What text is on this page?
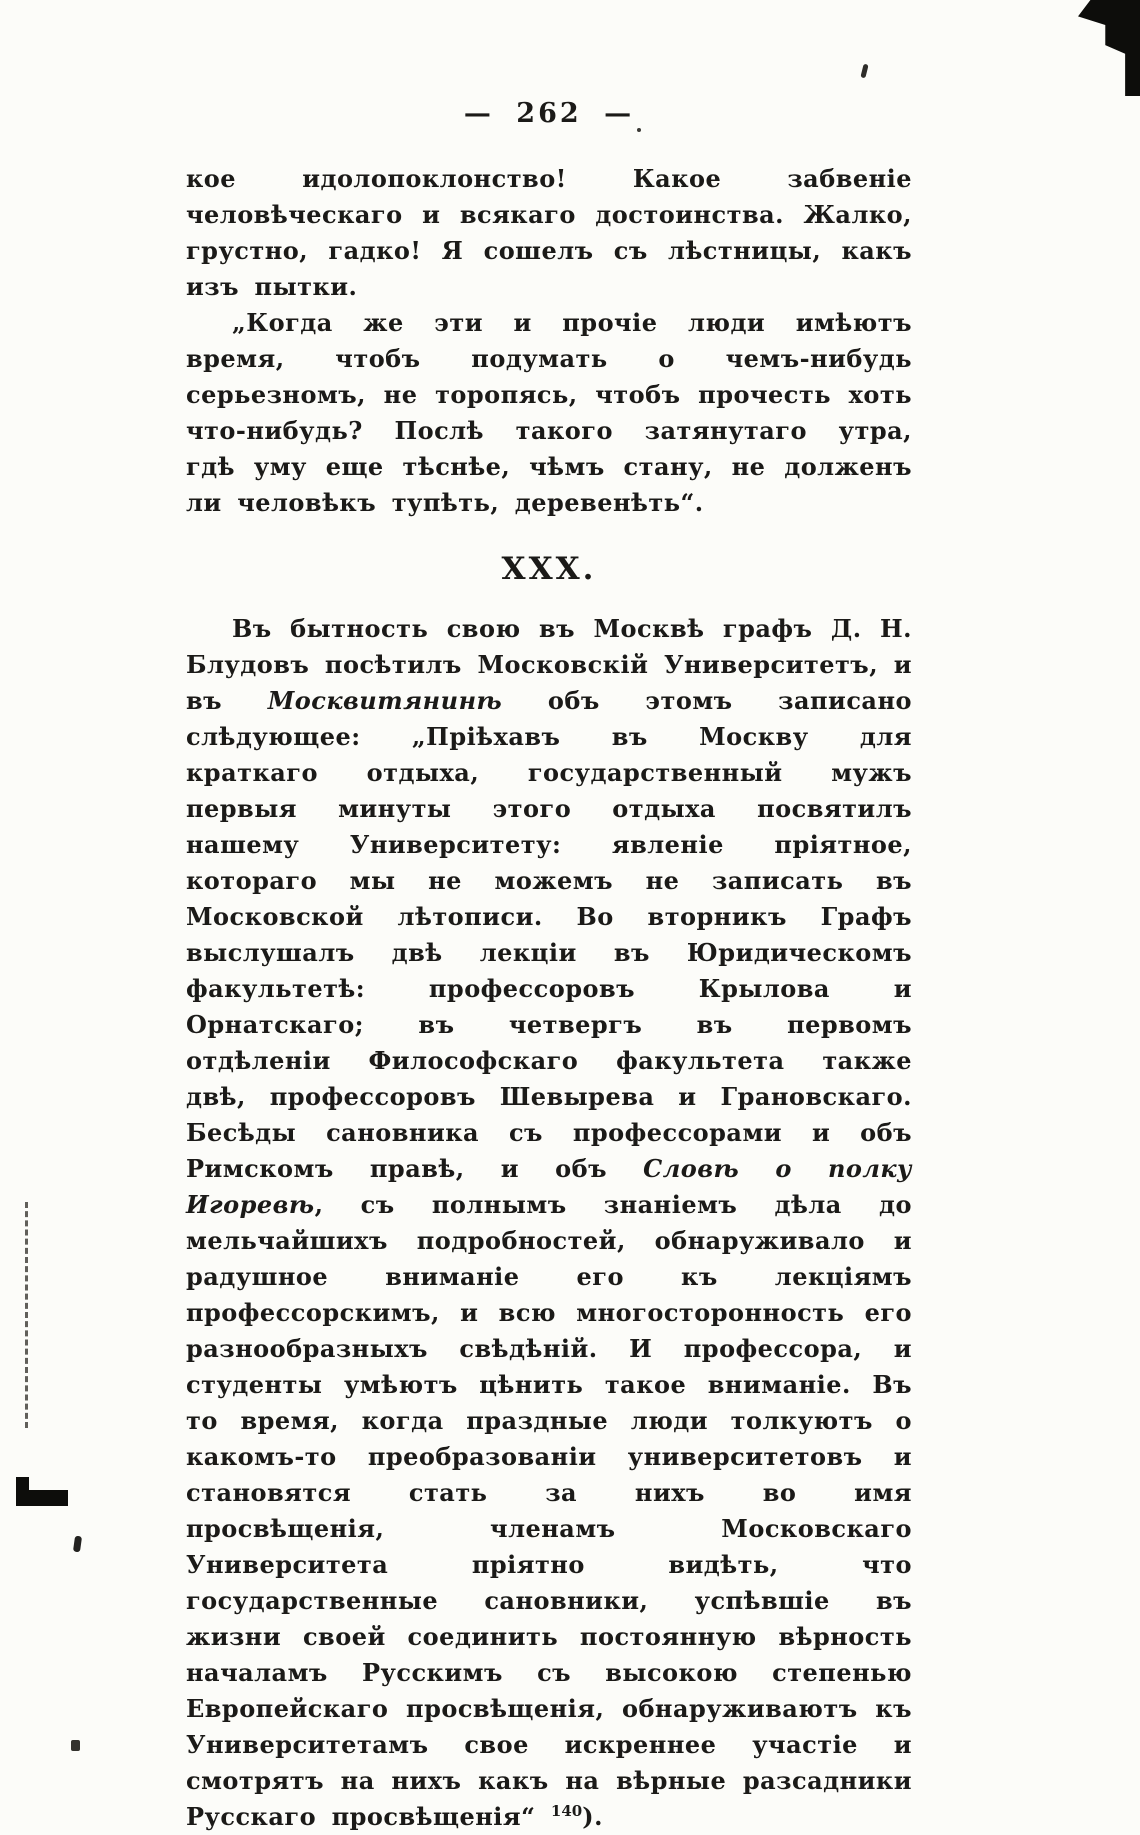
— 262 —

кое идолопоклонство! Какое забвеніе человѣческаго и всякаго достоинства. Жалко, грустно, гадко! Я сошелъ съ лѣстницы, какъ изъ пытки.

„Когда же эти и прочіе люди имѣютъ время, чтобъ подумать о чемъ-нибудь серьезномъ, не торопясь, чтобъ прочесть хоть что-нибудь? Послѣ такого затянутаго утра, гдѣ уму еще тѣснѣе, чѣмъ стану, не долженъ ли человѣкъ тупѣть, деревенѣть“.

XXX.

Въ бытность свою въ Москвѣ графъ Д. Н. Блудовъ посѣтилъ Московскій Университетъ, и въ Москвитянинѣ объ этомъ записано слѣдующее: „Пріѣхавъ въ Москву для краткаго отдыха, государственный мужъ первыя минуты этого отдыха посвятилъ нашему Университету: явленіе пріятное, котораго мы не можемъ не записать въ Московской лѣтописи. Во вторникъ Графъ выслушалъ двѣ лекціи въ Юридическомъ факультетѣ: профессоровъ Крылова и Орнатскаго; въ четвергъ въ первомъ отдѣленіи Философскаго факультета также двѣ, профессоровъ Шевырева и Грановскаго. Бесѣды сановника съ профессорами и объ Римскомъ правѣ, и объ Словѣ о полку Игоревѣ, съ полнымъ знаніемъ дѣла до мельчайшихъ подробностей, обнаруживало и радушное вниманіе его къ лекціямъ профессорскимъ, и всю многосторонность его разнообразныхъ свѣдѣній. И профессора, и студенты умѣютъ цѣнить такое вниманіе. Въ то время, когда праздные люди толкуютъ о какомъ-то преобразованіи университетовъ и становятся стать за нихъ во имя просвѣщенія, членамъ Московскаго Университета пріятно видѣть, что государственные сановники, успѣвшіе въ жизни своей соединить постоянную вѣрность началамъ Русскимъ съ высокою степенью Европейскаго просвѣщенія, обнаруживаютъ къ Университетамъ свое искреннее участіе и смотрятъ на нихъ какъ на вѣрные разсадники Русскаго просвѣщенія“ $^{140}$).
